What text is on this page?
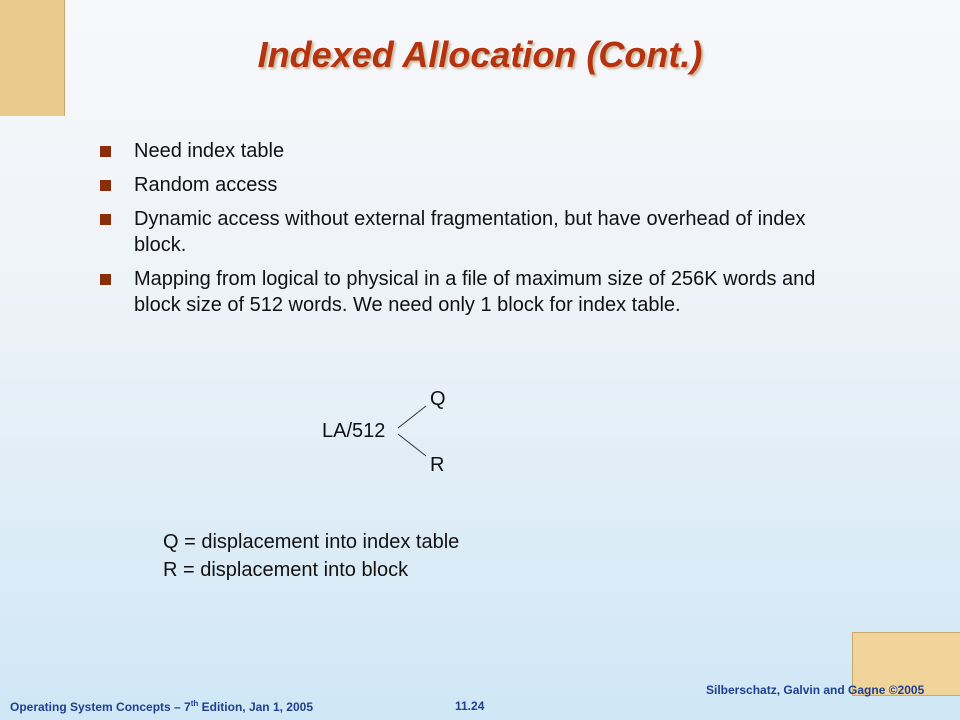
Indexed Allocation (Cont.)
Need index table
Random access
Dynamic access without external fragmentation, but have overhead of index block.
Mapping from logical to physical in a file of maximum size of 256K words and block size of 512 words. We need only 1 block for index table.
Q
LA/512
R
Q = displacement into index table
R = displacement into block
Operating System Concepts – 7th Edition, Jan 1, 2005	11.24
Silberschatz, Galvin and Gagne ©2005
